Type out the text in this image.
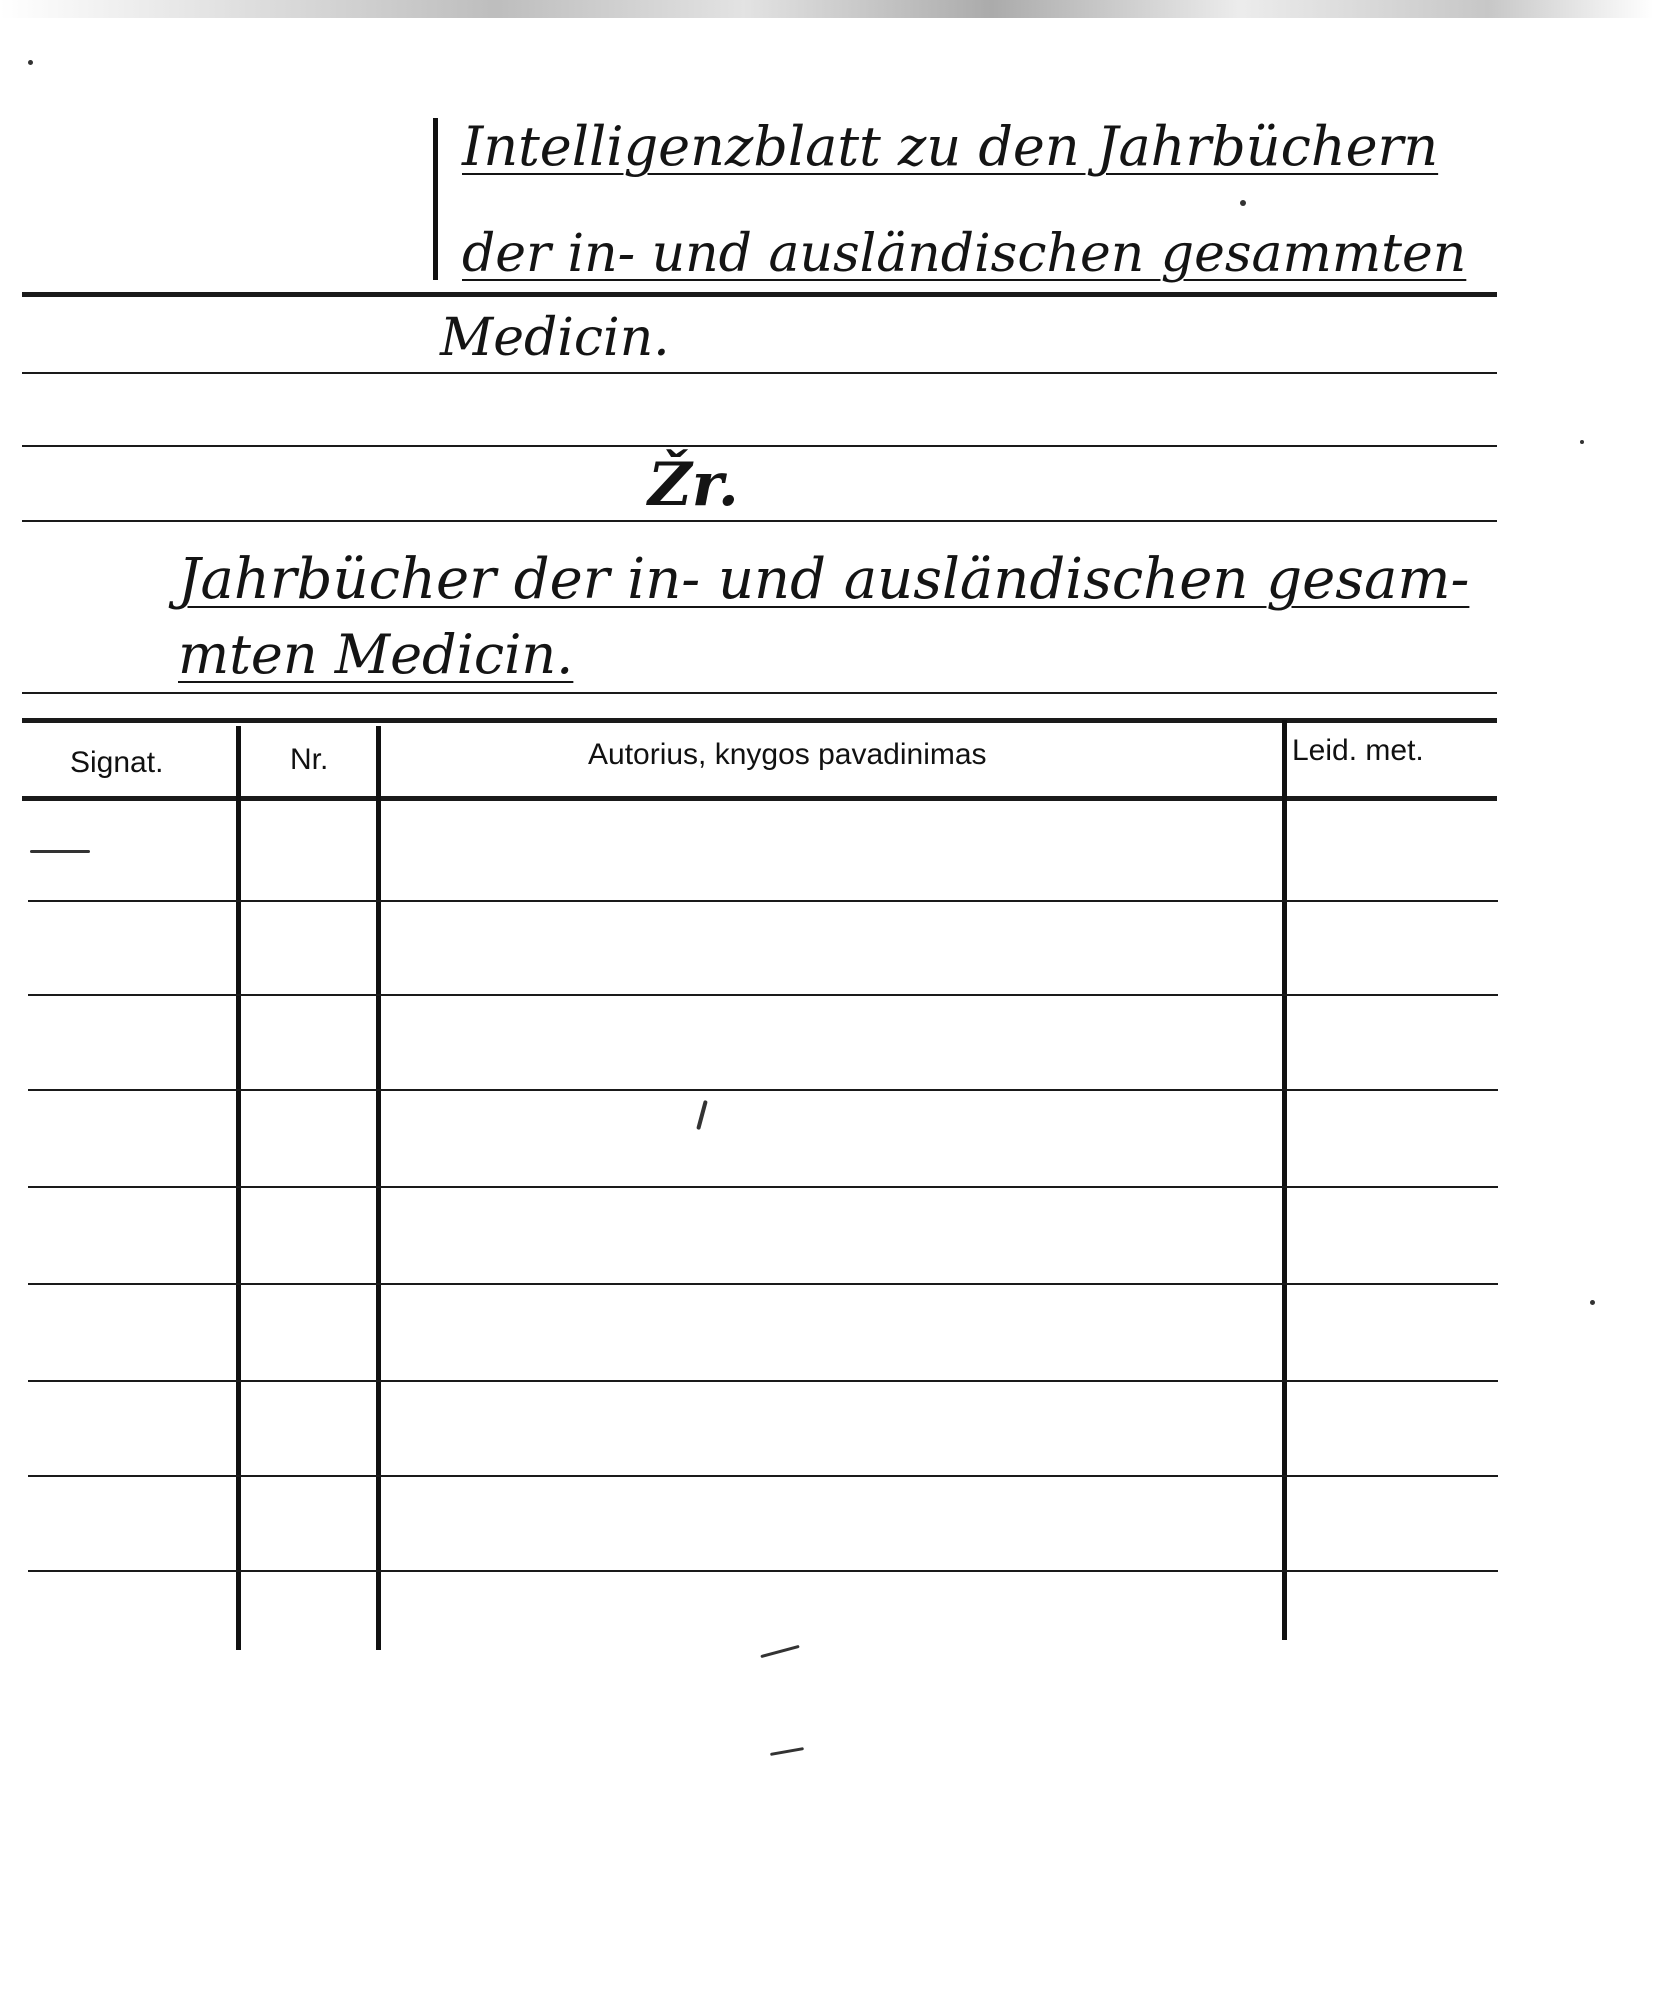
Intelligenzblatt zu den Jahrbüchern
der in- und ausländischen gesammten
Medicin.
Žr.
Jahrbücher der in- und ausländischen gesam-
mten Medicin.
Signat.	Nr.	Autorius, knygos pavadinimas	Leid. met.
